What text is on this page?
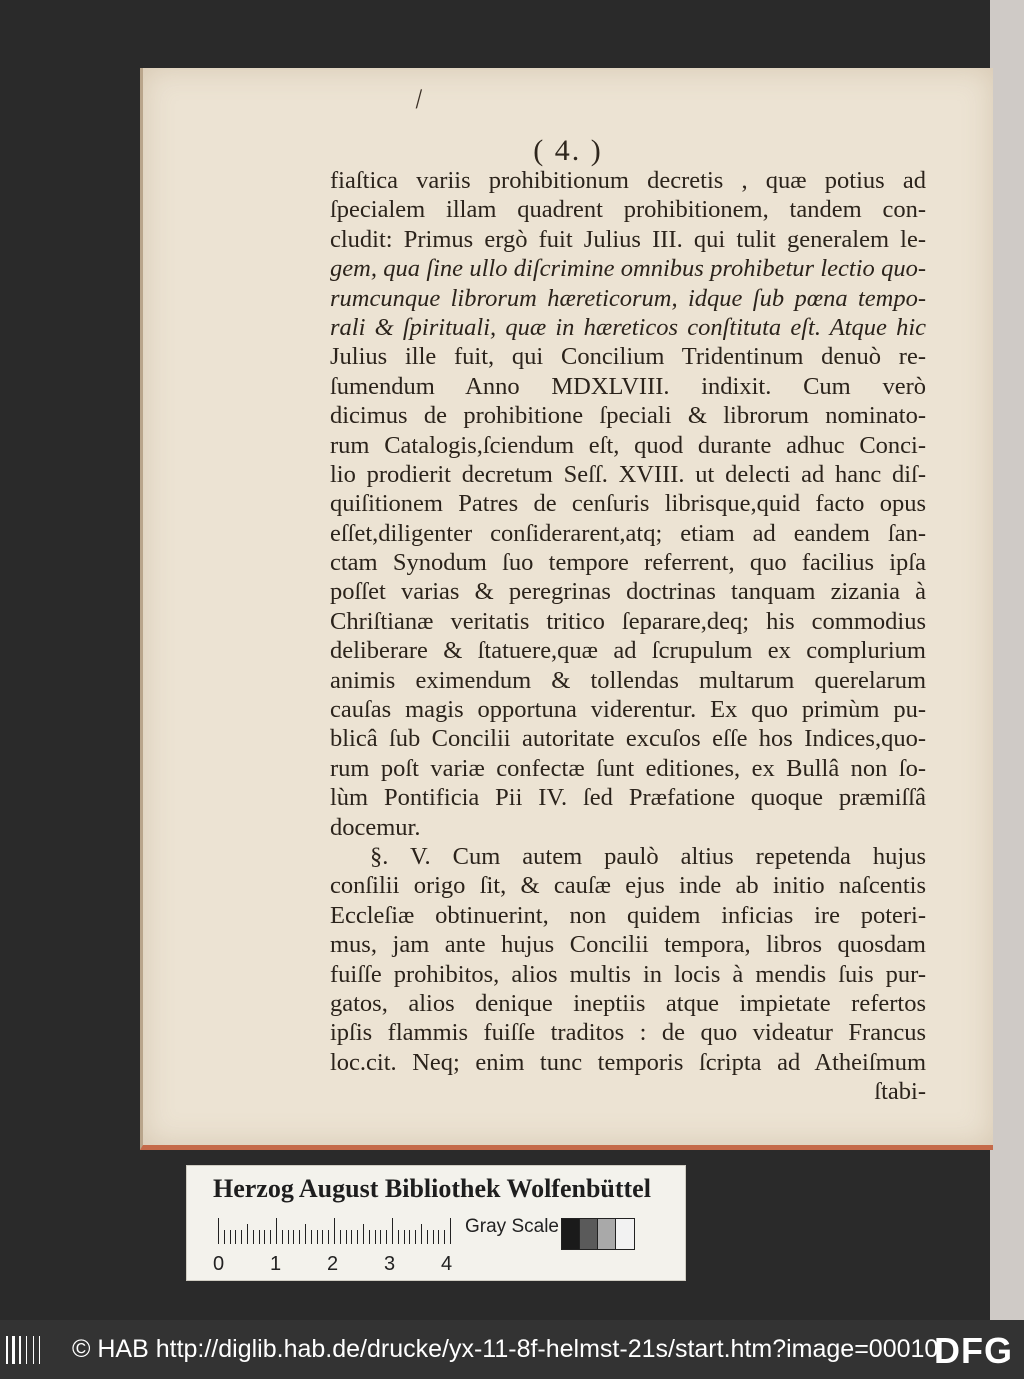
/
( 4. )
fiaſtica variis prohibitionum decretis , quæ potius ad
ſpecialem illam quadrent prohibitionem, tandem con-
cludit: Primus ergò fuit Julius III. qui tulit generalem le-
gem, qua ſine ullo diſcrimine omnibus prohibetur lectio quo-
rumcunque librorum hæreticorum, idque ſub pœna tempo-
rali & ſpirituali, quæ in hæreticos conſtituta eſt. Atque hic
Julius ille fuit, qui Concilium Tridentinum denuò re-
ſumendum Anno MDXLVIII. indixit. Cum verò
dicimus de prohibitione ſpeciali & librorum nominato-
rum Catalogis,ſciendum eſt, quod durante adhuc Conci-
lio prodierit decretum Seſſ. XVIII. ut delecti ad hanc diſ-
quiſitionem Patres de cenſuris librisque,quid facto opus
eſſet,diligenter conſiderarent,atq; etiam ad eandem ſan-
ctam Synodum ſuo tempore referrent, quo facilius ipſa
poſſet varias & peregrinas doctrinas tanquam zizania à
Chriſtianæ veritatis tritico ſeparare,deq; his commodius
deliberare & ſtatuere,quæ ad ſcrupulum ex complurium
animis eximendum & tollendas multarum querelarum
cauſas magis opportuna viderentur. Ex quo primùm pu-
blicâ ſub Concilii autoritate excuſos eſſe hos Indices,quo-
rum poſt variæ confectæ ſunt editiones, ex Bullâ non ſo-
lùm Pontificia Pii IV. ſed Præfatione quoque præmiſſâ
docemur.
§. V. Cum autem paulò altius repetenda hujus
conſilii origo ſit, & cauſæ ejus inde ab initio naſcentis
Eccleſiæ obtinuerint, non quidem inficias ire poteri-
mus, jam ante hujus Concilii tempora, libros quosdam
fuiſſe prohibitos, alios multis in locis à mendis ſuis pur-
gatos, alios denique ineptiis atque impietate refertos
ipſis flammis fuiſſe traditos : de quo videatur Francus
loc.cit. Neq; enim tunc temporis ſcripta ad Atheiſmum
ſtabi-
Herzog August Bibliothek Wolfenbüttel
Gray Scale
0 1 2 3 4
© HAB http://diglib.hab.de/drucke/yx-11-8f-helmst-21s/start.htm?image=00010
DFG
